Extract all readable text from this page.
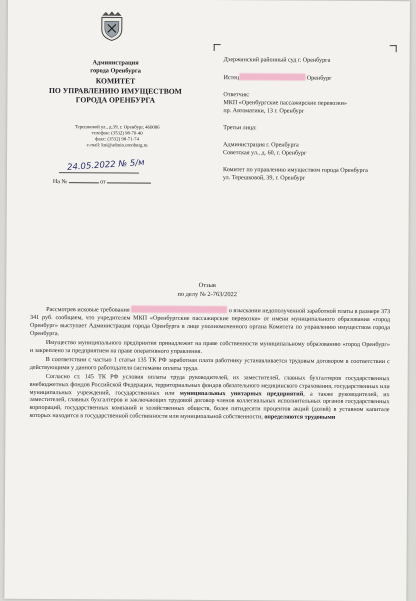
Администрация
города Оренбурга
КОМИТЕТ
ПО УПРАВЛЕНИЮ ИМУЩЕСТВОМ
ГОРОДА ОРЕНБУРГА
Терешковой ул., д.39, г. Оренбург, 460006
телефон: (3532) 98-70-40
факс: (3532) 98-71-74
e-mail: kui@admin.orenburg.ru
24.05.2022 № 5/м
На №	от

Дзержинский районный суд г. Оренбурга

Истец	Оренбург

Ответчик:

МКП «Оренбургские пассажирские перевозки»

пр. Автоматики, 13 г. Оренбург

Третьи лица:

Администрация г. Оренбурга

Советская ул., д. 60, г. Оренбург

Комитет по управлению имуществом города Оренбурга

ул. Терешковой, 39, г. Оренбург

Отзыв
по делу № 2-763/2022

Рассмотрев исковые требования	о взыскании недополученной заработной платы в размере 373 341 руб. сообщаем, что учредителем МКП «Оренбургские пассажирские перевозки» от имени муниципального образования «город Оренбург» выступает Администрация города Оренбурга в лице уполномоченного органа Комитета по управлению имуществом города Оренбурга.

Имущество муниципального предприятия принадлежит на праве собственности муниципальному образованию «город Оренбург» и закреплено за предприятием на праве оперативного управления.

В соответствии с частью 1 статьи 135 ТК РФ заработная плата работнику устанавливается трудовым договором в соответствии с действующими у данного работодателя системами оплаты труда.

Согласно ст. 145 ТК РФ условия оплаты труда руководителей, их заместителей, главных бухгалтеров государственных внебюджетных фондов Российской Федерации, территориальных фондов обязательного медицинского страхования, государственных или муниципальных учреждений, государственных или муниципальных унитарных предприятий, а также руководителей, их заместителей, главных бухгалтеров и заключающих трудовой договор членов коллегиальных исполнительных органов государственных корпораций, государственных компаний и хозяйственных обществ, более пятидесяти процентов акций (долей) в уставном капитале которых находится в государственной собственности или муниципальной собственности, определяются трудовыми
